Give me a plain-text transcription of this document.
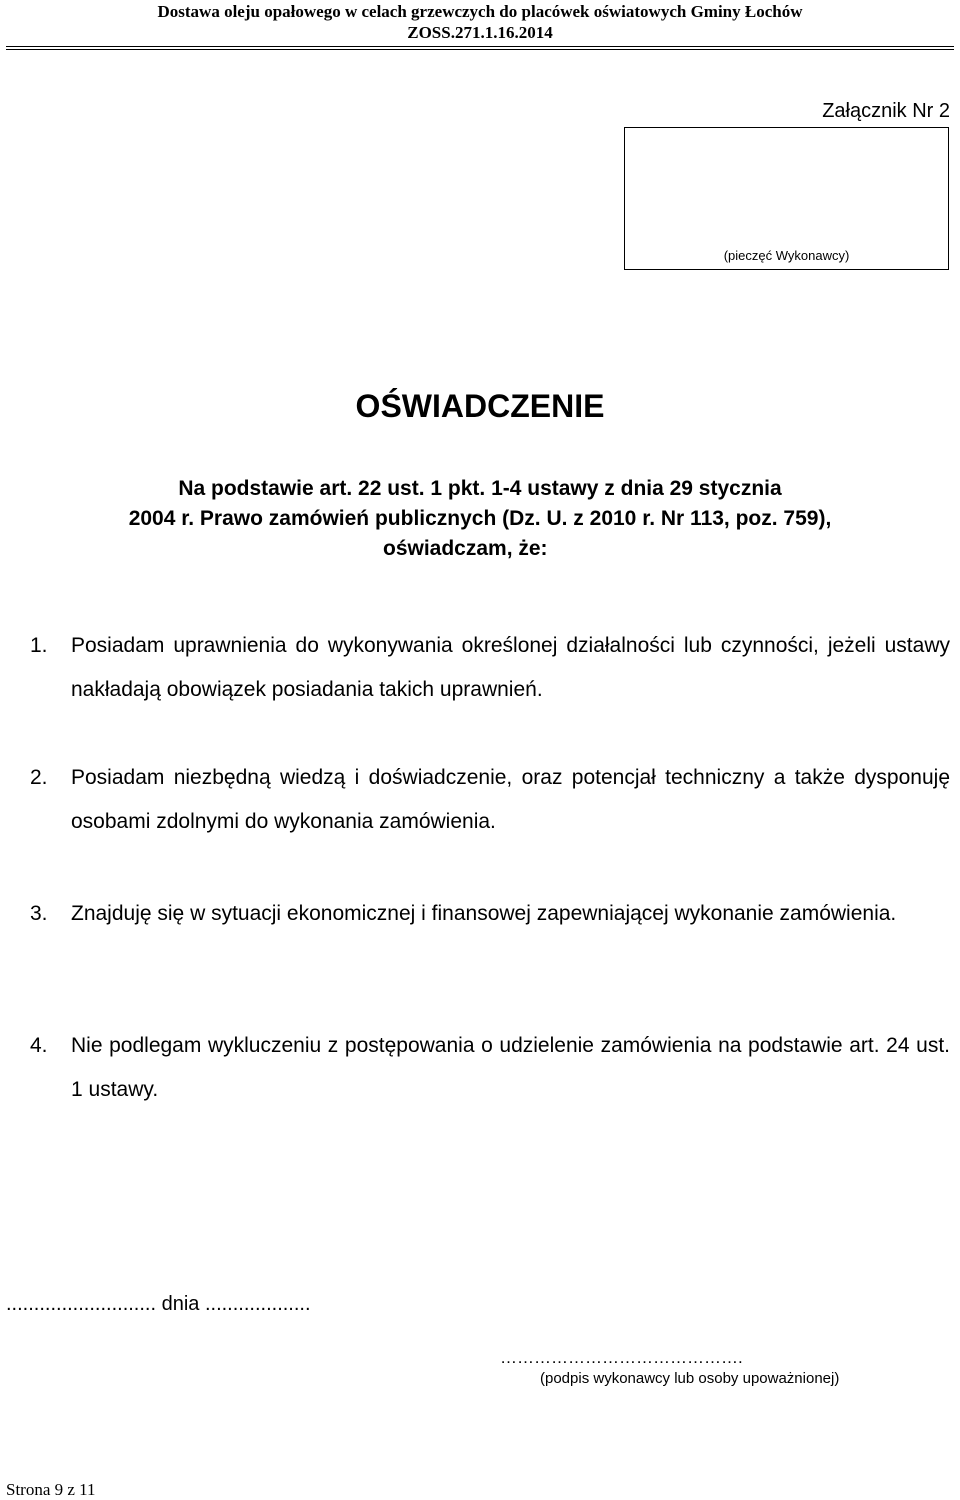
Dostawa oleju opałowego w celach grzewczych do placówek oświatowych Gminy Łochów
ZOSS.271.1.16.2014
Załącznik Nr 2
(pieczęć Wykonawcy)
OŚWIADCZENIE
Na podstawie art. 22 ust. 1 pkt. 1-4 ustawy z dnia 29 stycznia
2004 r. Prawo zamówień publicznych (Dz. U. z 2010 r. Nr 113, poz. 759),
oświadczam, że:
1.	Posiadam uprawnienia do wykonywania określonej działalności lub czynności, jeżeli ustawy nakładają obowiązek posiadania takich uprawnień.
2.	Posiadam niezbędną wiedzą i doświadczenie, oraz potencjał techniczny a także dysponuję osobami zdolnymi do wykonania zamówienia.
3.	Znajduję się w sytuacji ekonomicznej i finansowej zapewniającej wykonanie zamówienia.
4.	Nie podlegam wykluczeniu z postępowania o udzielenie zamówienia na podstawie art. 24 ust. 1 ustawy.
........................... dnia ...................
…………………………………….
(podpis wykonawcy lub osoby upoważnionej)
Strona 9 z 11
